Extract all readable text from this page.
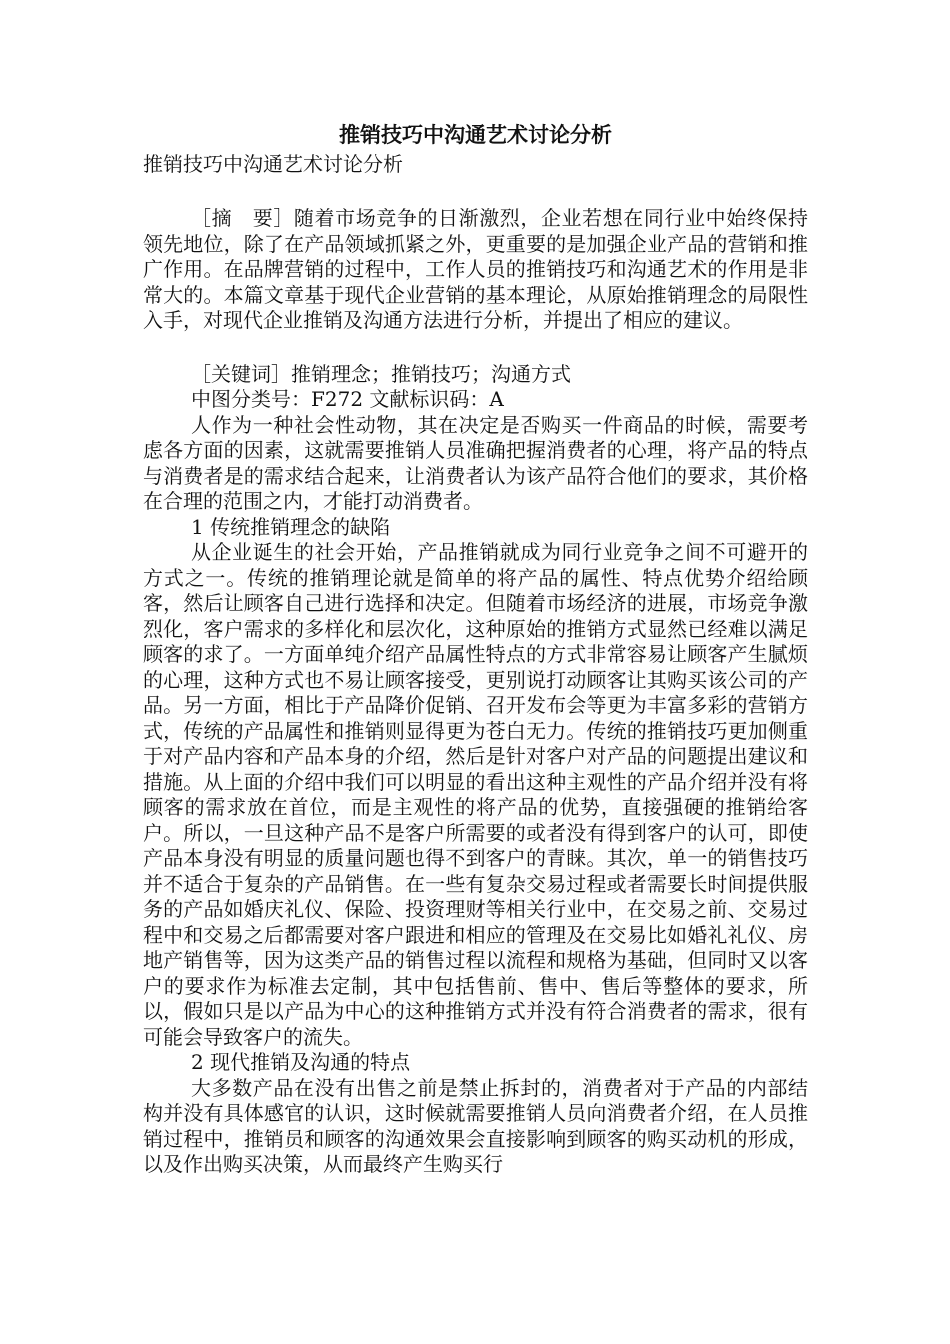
推销技巧中沟通艺术讨论分析
推销技巧中沟通艺术讨论分析

［摘　要］随着市场竞争的日渐激烈，企业若想在同行业中始终保持领先地位，除了在产品领域抓紧之外，更重要的是加强企业产品的营销和推广作用。在品牌营销的过程中，工作人员的推销技巧和沟通艺术的作用是非常大的。本篇文章基于现代企业营销的基本理论，从原始推销理念的局限性入手，对现代企业推销及沟通方法进行分析，并提出了相应的建议。

［关键词］推销理念；推销技巧；沟通方式

中图分类号：F272 文献标识码：A

人作为一种社会性动物，其在决定是否购买一件商品的时候，需要考虑各方面的因素，这就需要推销人员准确把握消费者的心理，将产品的特点与消费者是的需求结合起来，让消费者认为该产品符合他们的要求，其价格在合理的范围之内，才能打动消费者。

1 传统推销理念的缺陷

从企业诞生的社会开始，产品推销就成为同行业竞争之间不可避开的方式之一。传统的推销理论就是简单的将产品的属性、特点优势介绍给顾客，然后让顾客自己进行选择和决定。但随着市场经济的进展，市场竞争激烈化，客户需求的多样化和层次化，这种原始的推销方式显然已经难以满足顾客的求了。一方面单纯介绍产品属性特点的方式非常容易让顾客产生腻烦的心理，这种方式也不易让顾客接受，更别说打动顾客让其购买该公司的产品。另一方面，相比于产品降价促销、召开发布会等更为丰富多彩的营销方式，传统的产品属性和推销则显得更为苍白无力。传统的推销技巧更加侧重于对产品内容和产品本身的介绍，然后是针对客户对产品的问题提出建议和措施。从上面的介绍中我们可以明显的看出这种主观性的产品介绍并没有将顾客的需求放在首位，而是主观性的将产品的优势，直接强硬的推销给客户。所以，一旦这种产品不是客户所需要的或者没有得到客户的认可，即使产品本身没有明显的质量问题也得不到客户的青睐。其次，单一的销售技巧并不适合于复杂的产品销售。在一些有复杂交易过程或者需要长时间提供服务的产品如婚庆礼仪、保险、投资理财等相关行业中，在交易之前、交易过程中和交易之后都需要对客户跟进和相应的管理及在交易比如婚礼礼仪、房地产销售等，因为这类产品的销售过程以流程和规格为基础，但同时又以客户的要求作为标准去定制，其中包括售前、售中、售后等整体的要求，所以，假如只是以产品为中心的这种推销方式并没有符合消费者的需求，很有可能会导致客户的流失。

2 现代推销及沟通的特点

大多数产品在没有出售之前是禁止拆封的，消费者对于产品的内部结构并没有具体感官的认识，这时候就需要推销人员向消费者介绍，在人员推销过程中，推销员和顾客的沟通效果会直接影响到顾客的购买动机的形成，以及作出购买决策，从而最终产生购买行
